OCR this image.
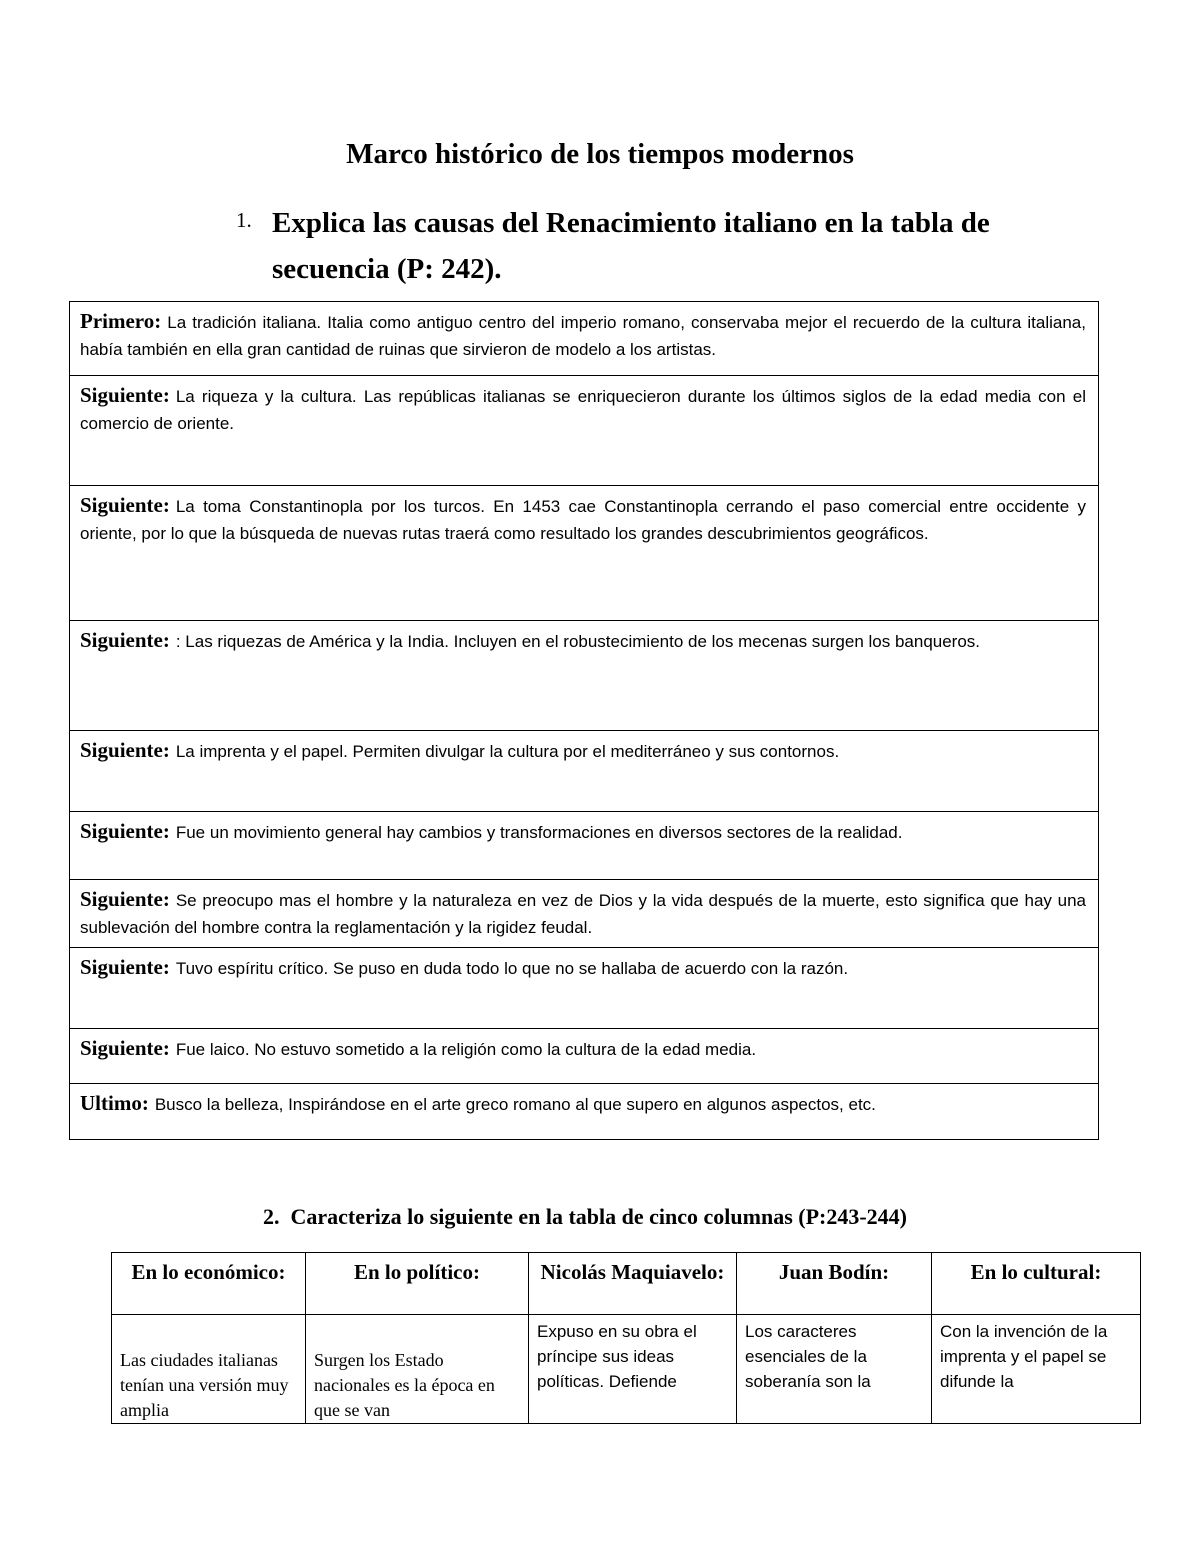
Marco histórico de los tiempos modernos
1. Explica las causas del Renacimiento italiano en la tabla de secuencia (P: 242).
Primero: La tradición italiana. Italia como antiguo centro del imperio romano, conservaba mejor el recuerdo de la cultura italiana, había también en ella gran cantidad de ruinas que sirvieron de modelo a los artistas.
Siguiente: La riqueza y la cultura. Las repúblicas italianas se enriquecieron durante los últimos siglos de la edad media con el comercio de oriente.
Siguiente: La toma Constantinopla por los turcos. En 1453 cae Constantinopla cerrando el paso comercial entre occidente y oriente, por lo que la búsqueda de nuevas rutas traerá como resultado los grandes descubrimientos geográficos.
Siguiente: : Las riquezas de América y la India. Incluyen en el robustecimiento de los mecenas surgen los banqueros.
Siguiente: La imprenta y el papel. Permiten divulgar la cultura por el mediterráneo y sus contornos.
Siguiente: Fue un movimiento general hay cambios y transformaciones en diversos sectores de la realidad.
Siguiente: Se preocupo mas el hombre y la naturaleza en vez de Dios y la vida después de la muerte, esto significa que hay una sublevación del hombre contra la reglamentación y la rigidez feudal.
Siguiente: Tuvo espíritu crítico. Se puso en duda todo lo que no se hallaba de acuerdo con la razón.
Siguiente: Fue laico. No estuvo sometido a la religión como la cultura de la edad media.
Ultimo: Busco la belleza, Inspirándose en el arte greco romano al que supero en algunos aspectos, etc.
2. Caracteriza lo siguiente en la tabla de cinco columnas (P:243-244)
En lo económico:	En lo político:	Nicolás Maquiavelo:	Juan Bodín:	En lo cultural:
Las ciudades italianas tenían una versión muy amplia	Surgen los Estado nacionales es la época en que se van	Expuso en su obra el príncipe sus ideas políticas. Defiende	Los caracteres esenciales de la soberanía son la	Con la invención de la imprenta y el papel se difunde la
